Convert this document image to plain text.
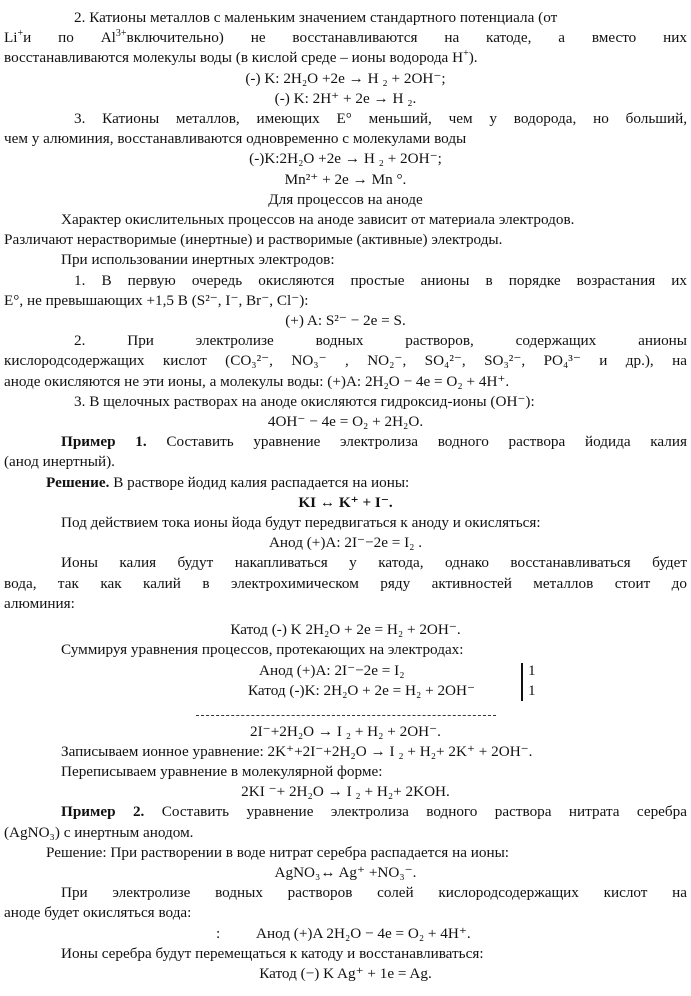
2. Катионы металлов с маленьким значением стандартного потенциала (от

Li+и по $Al^{3+}включительно$) не восстанавливаются на катоде, а вместо них

восстанавливаются молекулы воды (в кислой среде – ионы водорода H+).

(-) K: 2H₂O +2e → H ₂ + 2OH⁻;

(-) K: 2H⁺ + 2e → H ₂.

3. Катионы металлов, имеющих E° меньший, чем у водорода, но больший,

чем у алюминия, восстанавливаются одновременно с молекулами воды

(-)K:2H₂O +2e → H ₂ + 2OH⁻;

Mn²⁺ + 2e → Mn °.

Для процессов на аноде

Характер окислительных процессов на аноде зависит от материала электродов.

Различают нерастворимые (инертные) и растворимые (активные) электроды.

При использовании инертных электродов:

1. В первую очередь окисляются простые анионы в порядке возрастания их

E°, не превышающих +1,5 В (S²⁻, I⁻, Br⁻, Cl⁻):

(+) A: S²⁻ − 2e = S.

2. При электролизе водных растворов, содержащих анионы

кислородсодержащих кислот (CO₃²⁻, NO₃⁻ , NO₂⁻, SO₄²⁻, SO₃²⁻, PO₄³⁻ и др.), на

аноде окисляются не эти ионы, а молекулы воды: (+)A: 2H₂O − 4e = O₂ + 4H⁺.

3. В щелочных растворах на аноде окисляются гидроксид-ионы (OH⁻):

4OH⁻ − 4e = O₂ + 2H₂O.

Пример 1. Составить уравнение электролиза водного раствора йодида калия

(анод инертный).

Решение. В растворе йодид калия распадается на ионы:

KI ↔ K⁺ + I⁻.

Под действием тока ионы йода будут передвигаться к аноду и окисляться:

Анод (+)A: 2I⁻−2e = I₂ .

Ионы калия будут накапливаться у катода, однако восстанавливаться будет

вода, так как калий в электрохимическом ряду активностей металлов стоит до

алюминия:

Катод (-) K 2H₂O + 2e = H₂ + 2OH⁻.

Суммируя уравнения процессов, протекающих на электродах:

Анод (+)A: 2I⁻−2e = I₂
Катод (-)K: 2H₂O + 2e = H₂ + 2OH⁻
1
1

2I⁻+2H₂O → I ₂ + H₂ + 2OH⁻.

Записываем ионное уравнение: 2K⁺+2I⁻+2H₂O → I ₂ + H₂+ 2K⁺ + 2OH⁻.

Переписываем уравнение в молекулярной форме:

2KI ⁻+ 2H₂O → I ₂ + H₂+ 2KOH.

Пример 2. Составить уравнение электролиза водного раствора нитрата серебра

(AgNO₃) с инертным анодом.

Решение: При растворении в воде нитрат серебра распадается на ионы:

AgNO₃↔ Ag⁺ +NO₃⁻.

При электролизе водных растворов солей кислородсодержащих кислот на

аноде будет окисляться вода:

: Анод (+)A 2H₂O − 4e = O₂ + 4H⁺.

Ионы серебра будут перемещаться к катоду и восстанавливаться:

Катод (−) K Ag⁺ + 1e = Ag.
